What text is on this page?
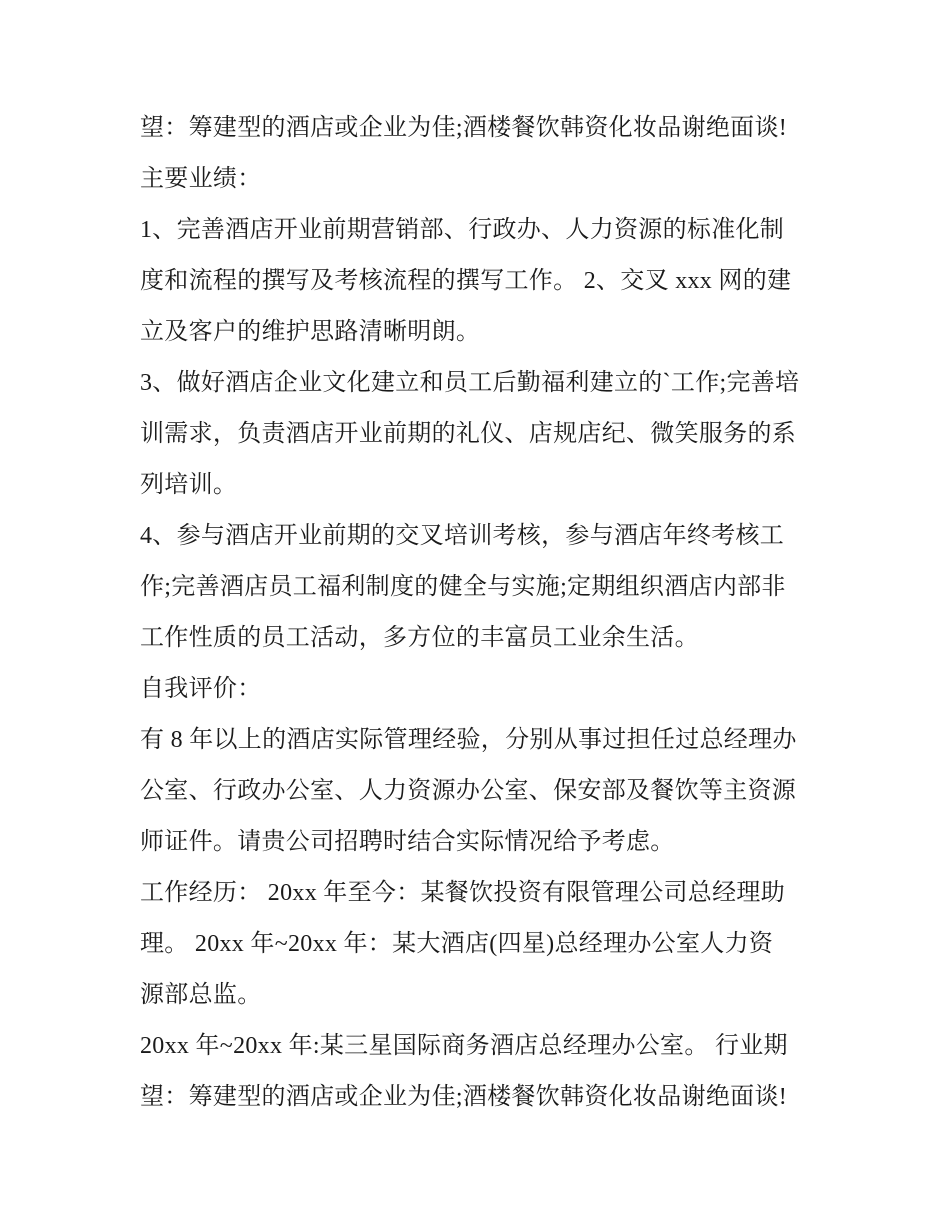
望：筹建型的酒店或企业为佳;酒楼餐饮韩资化妆品谢绝面谈!
主要业绩：
1、完善酒店开业前期营销部、行政办、人力资源的标准化制
度和流程的撰写及考核流程的撰写工作。 2、交叉 xxx 网的建
立及客户的维护思路清晰明朗。
3、做好酒店企业文化建立和员工后勤福利建立的`工作;完善培
训需求，负责酒店开业前期的礼仪、店规店纪、微笑服务的系
列培训。
4、参与酒店开业前期的交叉培训考核，参与酒店年终考核工
作;完善酒店员工福利制度的健全与实施;定期组织酒店内部非
工作性质的员工活动，多方位的丰富员工业余生活。
自我评价：
有 8 年以上的酒店实际管理经验，分别从事过担任过总经理办
公室、行政办公室、人力资源办公室、保安部及餐饮等主资源
师证件。请贵公司招聘时结合实际情况给予考虑。
工作经历： 20xx 年至今：某餐饮投资有限管理公司总经理助
理。 20xx 年~20xx 年：某大酒店(四星)总经理办公室人力资
源部总监。
20xx 年~20xx 年:某三星国际商务酒店总经理办公室。 行业期
望：筹建型的酒店或企业为佳;酒楼餐饮韩资化妆品谢绝面谈!
